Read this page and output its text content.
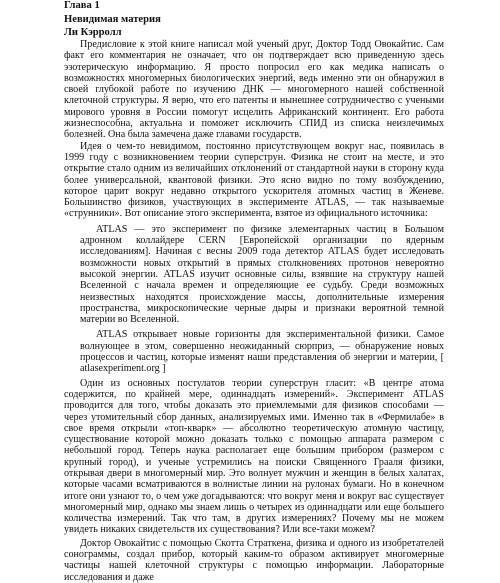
Глава 1
Невидимая материя
Ли Кэрролл

Предисловие к этой книге написал мой ученый друг, Доктор Тодд Овокайтис. Сам факт его комментария не означает, что он подтверждает всю приведенную здесь эзотерическую информацию. Я просто попросил его как медика написать о возможностях многомерных биологических энергий, ведь именно эти он обнаружил в своей глубокой работе по изучению ДНК — многомерного нашей собственной клеточной структуры. Я верю, что его патенты и нынешнее сотрудничество с учеными мирового уровня в России помогут исцелить Африканский континент. Его работа жизнеспособна, актуальна и поможет исключить СПИД из списка неизлечимых болезней. Она была замечена даже главами государств.

Идея о чем-то невидимом, постоянно присутствующем вокруг нас, появилась в 1999 году с возникновением теории суперструн. Физика не стоит на месте, и это открытие стало одним из величайших отклонений от стандартной науки в сторону куда более универсальной, квантовой физики. Это ясно видно по тому возбуждению, которое царит вокруг недавно открытого ускорителя атомных частиц в Женеве. Большинство физиков, участвующих в эксперименте ATLAS, — так называемые «струнники». Вот описание этого эксперимента, взятое из официального источника:

ATLAS — это эксперимент по физике элементарных частиц в Большом адронном коллайдере CERN [Европейской организации по ядерным исследованиям]. Начиная с весны 2009 года детектор ATLAS будет исследовать возможности новых открытий в прямых столкновениях протонов невероятно высокой энергии. ATLAS изучит основные силы, взявшие на структуру нашей Вселенной с начала времен и определяющие ее судьбу. Среди возможных неизвестных находятся происхождение массы, дополнительные измерения пространства, микроскопические черные дыры и признаки вероятной темной материи во Вселенной.

ATLAS открывает новые горизонты для экспериментальной физики. Самое волнующее в этом, совершенно неожиданный сюрприз, — обнаружение новых процессов и частиц, которые изменят наши представления об энергии и материи, [ atlasexperiment.org ]

Один из основных постулатов теории суперструн гласит: «В центре атома содержится, по крайней мере, одиннадцать измерений». Эксперимент ATLAS проводится для того, чтобы доказать это приемлемыми для физиков способами — через утомительный сбор данных, анализируемых ими. Именно так в «Фермилабе» в свое время открыли «топ-кварк» — абсолютно теоретическую атомную частицу, существование которой можно доказать только с помощью аппарата размером с небольшой город. Теперь наука располагает еще большим прибором (размером с крупный город), и ученые устремились на поиски Священного Грааля физики, открывая двери в многомерный мир. Это волнует мужчин и женщин в белых халатах, которые часами всматриваются в волнистые линии на рулонах бумаги. Но в конечном итоге они узнают то, о чем уже догадываются: что вокруг меня и вокруг вас существует многомерный мир, однако мы знаем лишь о четырех из одиннадцати или еще большего количества измерений. Так что там, в других измерениях? Почему мы не можем увидеть никаких свидетельств их существования? Или все-таки можем?

Доктор Овокайтис с помощью Скотта Страткена, физика и одного из изобретателей сонограммы, создал прибор, который каким-то образом активирует многомерные частицы нашей клеточной структуры с помощью информации. Лабораторные исследования и даже
